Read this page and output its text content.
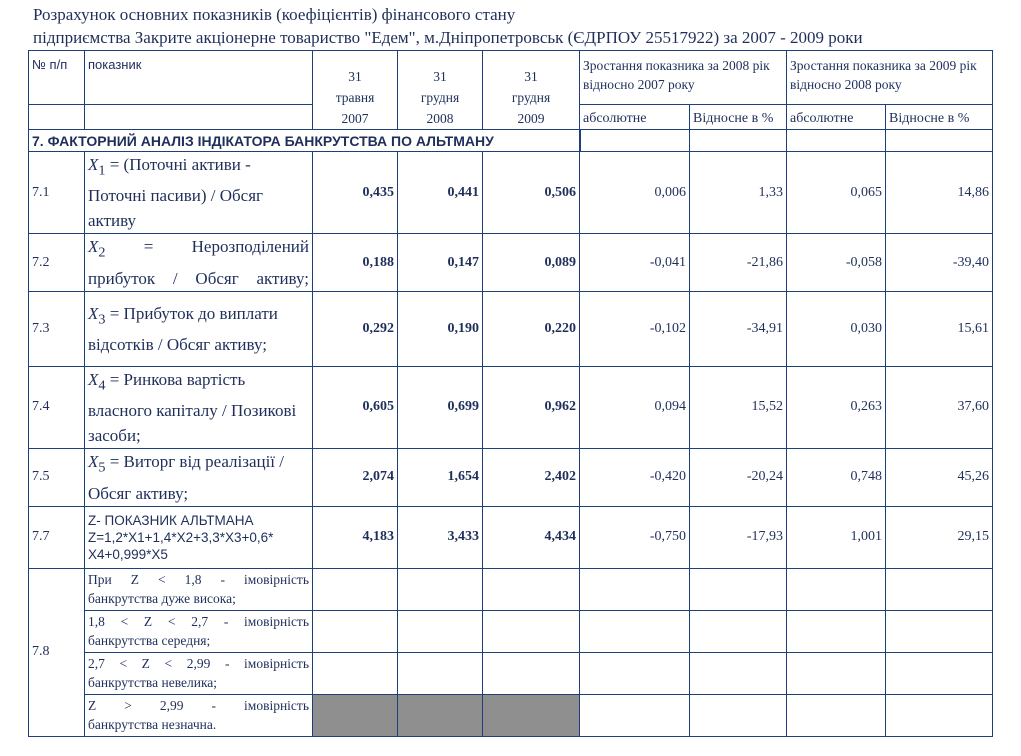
Розрахунок основних показників (коефіцієнтів) фінансового стану
підприємства Закрите акціонерне товариство "Едем", м.Дніпропетровськ (ЄДРПОУ 25517922) за 2007 - 2009 роки
№ п/п	показник	31
травня
2007	31
грудня
2008	31
грудня
2009	Зростання показника за 2008 рік відносно 2007 року		Зростання показника за 2009 рік відносно 2008 року	
					абсолютне	Відносне в %	абсолютне	Відносне в %
7. ФАКТОРНИЙ АНАЛІЗ ІНДІКАТОРА БАНКРУТСТВА ПО АЛЬТМАНУ								
7.1	$X_1$ = (Поточні активи - Поточні пасиви) / Обсяг активу	0,435	0,441	0,506	0,006	1,33	0,065	14,86
7.2	$X_2$ = Нерозподілений прибуток / Обсяг активу;	0,188	0,147	0,089	-0,041	-21,86	-0,058	-39,40
7.3	$X_3$ = Прибуток до виплати відсотків / Обсяг активу;	0,292	0,190	0,220	-0,102	-34,91	0,030	15,61
7.4	$X_4$ = Ринкова вартість власного капіталу / Позикові засоби;	0,605	0,699	0,962	0,094	15,52	0,263	37,60
7.5	$X_5$ = Виторг від реалізації / Обсяг активу;	2,074	1,654	2,402	-0,420	-20,24	0,748	45,26
7.7	Z- ПОКАЗНИК АЛЬТМАНА
Z=1,2*X1+1,4*X2+3,3*X3+0,6*
X4+0,999*X5	4,183	3,433	4,434	-0,750	-17,93	1,001	29,15
7.8	При Z < 1,8 - імовірність
банкрутства дуже висока;							

	1,8 < Z < 2,7 - імовірність
банкрутства середня;							

	2,7 < Z < 2,99 - імовірність
банкрутства невелика;							

	Z > 2,99 - імовірність
банкрутства незначна.							
